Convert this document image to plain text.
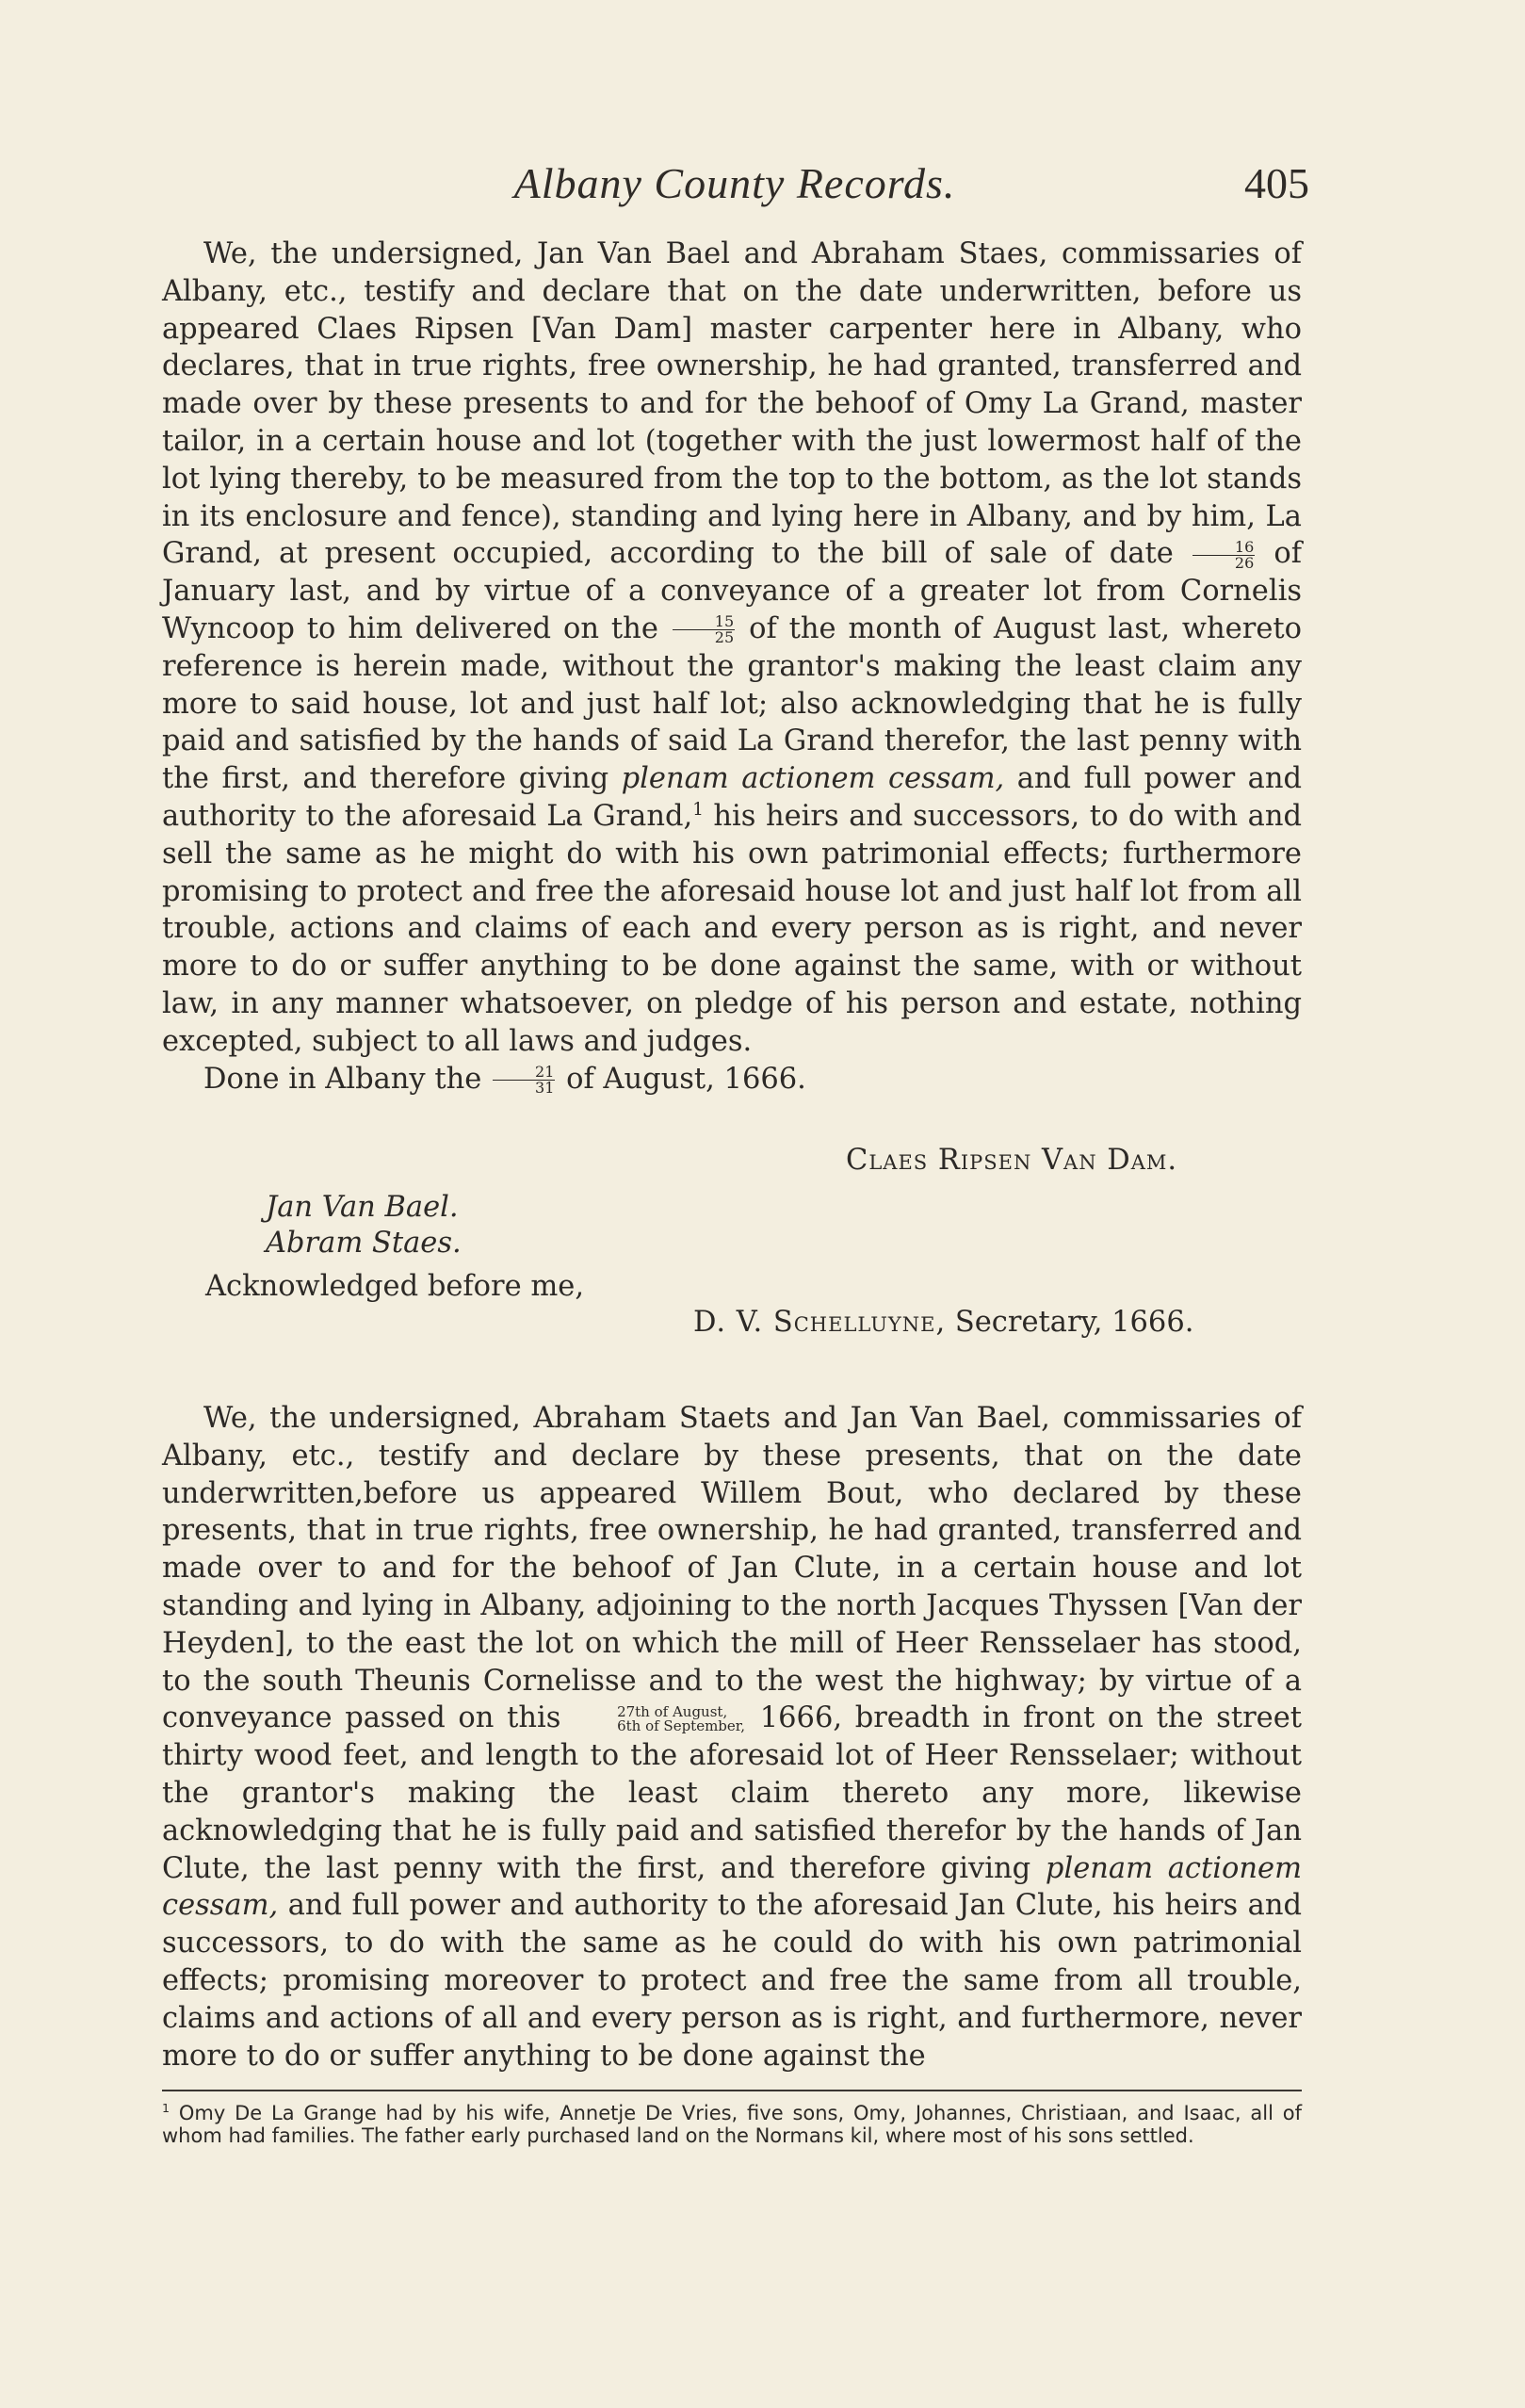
Albany County Records.	405

We, the undersigned, Jan Van Bael and Abraham Staes, commissaries of Albany, etc., testify and declare that on the date underwritten, before us appeared Claes Ripsen [Van Dam] master carpenter here in Albany, who declares, that in true rights, free ownership, he had granted, transferred and made over by these presents to and for the behoof of Omy La Grand, master tailor, in a certain house and lot (together with the just lowermost half of the lot lying thereby, to be measured from the top to the bottom, as the lot stands in its enclosure and fence), standing and lying here in Albany, and by him, La Grand, at present occupied, according to the bill of sale of date $\frac{16}{26}$ of January last, and by virtue of a conveyance of a greater lot from Cornelis Wyncoop to him delivered on the $\frac{15}{25}$ of the month of August last, whereto reference is herein made, without the grantor's making the least claim any more to said house, lot and just half lot; also acknowledging that he is fully paid and satisfied by the hands of said La Grand therefor, the last penny with the first, and therefore giving plenam actionem cessam, and full power and authority to the aforesaid La Grand,$^1$ his heirs and successors, to do with and sell the same as he might do with his own patrimonial effects; furthermore promising to protect and free the aforesaid house lot and just half lot from all trouble, actions and claims of each and every person as is right, and never more to do or suffer anything to be done against the same, with or without law, in any manner whatsoever, on pledge of his person and estate, nothing excepted, subject to all laws and judges.

Done in Albany the $\frac{21}{31}$ of August, 1666.

Claes Ripsen Van Dam.
Jan Van Bael.
Abram Staes.
Acknowledged before me,
D. V. Schelluyne, Secretary, 1666.

We, the undersigned, Abraham Staets and Jan Van Bael, commissaries of Albany, etc., testify and declare by these presents, that on the date underwritten,before us appeared Willem Bout, who declared by these presents, that in true rights, free ownership, he had granted, transferred and made over to and for the behoof of Jan Clute, in a certain house and lot standing and lying in Albany, adjoining to the north Jacques Thyssen [Van der Heyden], to the east the lot on which the mill of Heer Rensselaer has stood, to the south Theunis Cornelisse and to the west the highway; by virtue of a conveyance passed on this	27th of August,
6th of September, 1666, breadth in front on the street thirty wood feet, and length to the aforesaid lot of Heer Rensselaer; without the grantor's making the least claim thereto any more, likewise acknowledging that he is fully paid and satisfied therefor by the hands of Jan Clute, the last penny with the first, and therefore giving plenam actionem cessam, and full power and authority to the aforesaid Jan Clute, his heirs and successors, to do with the same as he could do with his own patrimonial effects; promising moreover to protect and free the same from all trouble, claims and actions of all and every person as is right, and furthermore, never more to do or suffer anything to be done against the

$^1$ Omy De La Grange had by his wife, Annetje De Vries, five sons, Omy, Johannes, Christiaan, and Isaac, all of whom had families. The father early purchased land on the Normans kil, where most of his sons settled.
